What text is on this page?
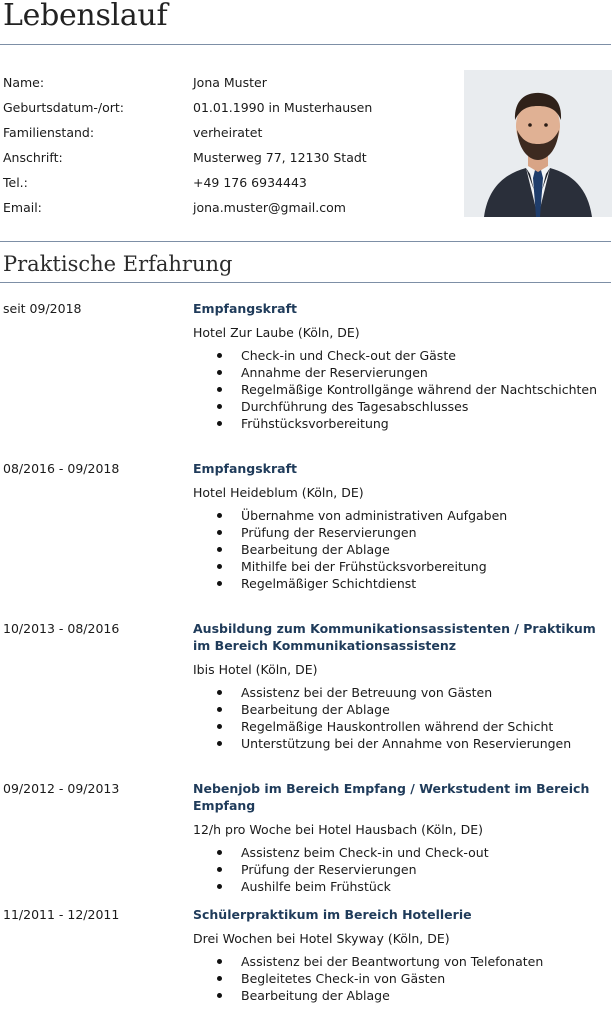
Lebenslauf
Name:	Jona Muster
Geburtsdatum-/ort:	01.01.1990 in Musterhausen
Familienstand:	verheiratet
Anschrift:	Musterweg 77, 12130 Stadt
Tel.:	+49 176 6934443
Email:	jona.muster@gmail.com
Praktische Erfahrung
seit 09/2018	Empfangskraft

Hotel Zur Laube (Köln, DE)
Check-in und Check-out der Gäste
Annahme der Reservierungen
Regelmäßige Kontrollgänge während der Nachtschichten
Durchführung des Tagesabschlusses
Frühstücksvorbereitung
08/2016 - 09/2018	Empfangskraft

Hotel Heideblum (Köln, DE)
Übernahme von administrativen Aufgaben
Prüfung der Reservierungen
Bearbeitung der Ablage
Mithilfe bei der Frühstücksvorbereitung
Regelmäßiger Schichtdienst
10/2013 - 08/2016	Ausbildung zum Kommunikationsassistenten / Praktikum im Bereich Kommunikationsassistenz

Ibis Hotel (Köln, DE)
Assistenz bei der Betreuung von Gästen
Bearbeitung der Ablage
Regelmäßige Hauskontrollen während der Schicht
Unterstützung bei der Annahme von Reservierungen
09/2012 - 09/2013	Nebenjob im Bereich Empfang / Werkstudent im Bereich Empfang

12/h pro Woche bei Hotel Hausbach (Köln, DE)
Assistenz beim Check-in und Check-out
Prüfung der Reservierungen
Aushilfe beim Frühstück
11/2011 - 12/2011	Schülerpraktikum im Bereich Hotellerie

Drei Wochen bei Hotel Skyway (Köln, DE)
Assistenz bei der Beantwortung von Telefonaten
Begleitetes Check-in von Gästen
Bearbeitung der Ablage
